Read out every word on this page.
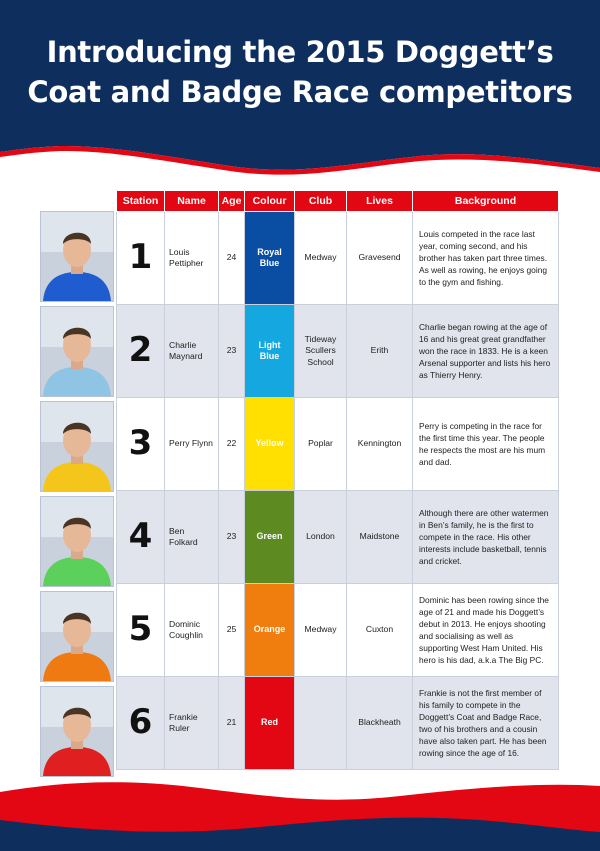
Introducing the 2015 Doggett’s
Coat and Badge Race competitors
Station	Name	Age	Colour	Club	Lives	Background
1	Louis Pettipher	24	Royal Blue	Medway	Gravesend	Louis competed in the race last year, coming second, and his brother has taken part three times. As well as rowing, he enjoys going to the gym and fishing.
2	Charlie Maynard	23	Light Blue	Tideway Scullers School	Erith	Charlie began rowing at the age of 16 and his great great grandfather won the race in 1833. He is a keen Arsenal supporter and lists his hero as Thierry Henry.
3	Perry Flynn	22	Yellow	Poplar	Kennington	Perry is competing in the race for the first time this year. The people he respects the most are his mum and dad.
4	Ben Folkard	23	Green	London	Maidstone	Although there are other watermen in Ben’s family, he is the first to compete in the race. His other interests include basketball, tennis and cricket.
5	Dominic Coughlin	25	Orange	Medway	Cuxton	Dominic has been rowing since the age of 21 and made his Doggett’s debut in 2013. He enjoys shooting and socialising as well as supporting West Ham United. His hero is his dad, a.k.a The Big PC.
6	Frankie Ruler	21	Red		Blackheath	Frankie is not the first member of his family to compete in the Doggett’s Coat and Badge Race, two of his brothers and a cousin have also taken part. He has been rowing since the age of 16.
